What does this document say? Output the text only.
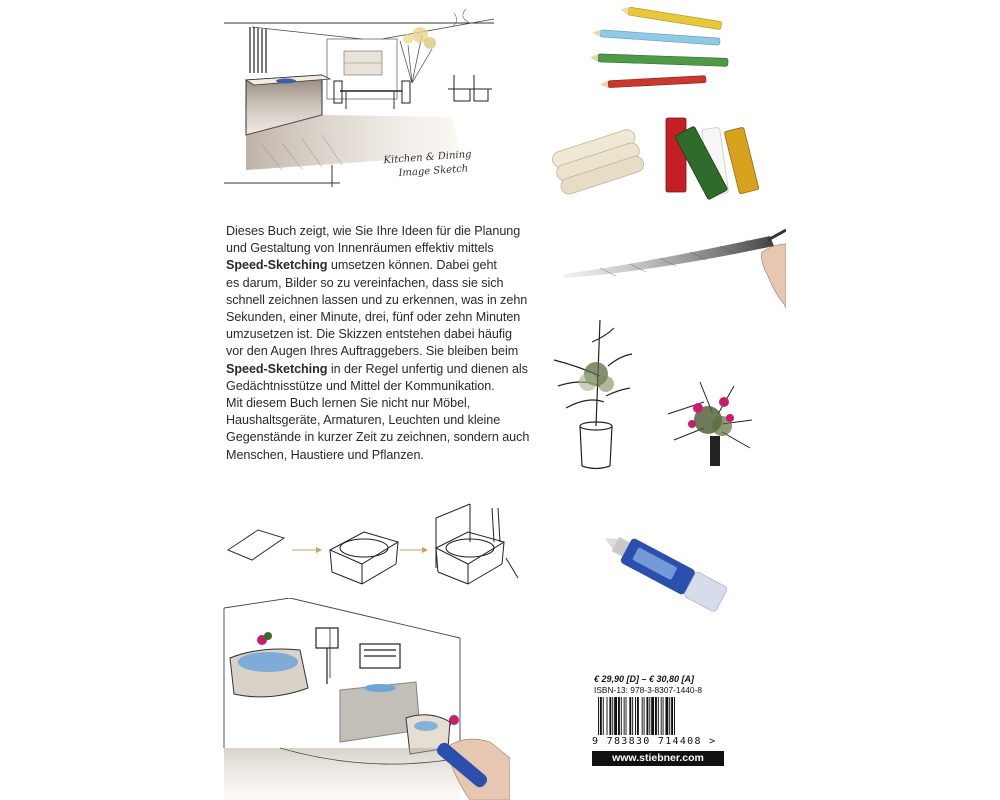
Kitchen & Dining
Image Sketch
Dieses Buch zeigt, wie Sie Ihre Ideen für die Planung
und Gestaltung von Innenräumen effektiv mittels
Speed-Sketching umsetzen können. Dabei geht
es darum, Bilder so zu vereinfachen, dass sie sich
schnell zeichnen lassen und zu erkennen, was in zehn
Sekunden, einer Minute, drei, fünf oder zehn Minuten
umzusetzen ist. Die Skizzen entstehen dabei häufig
vor den Augen Ihres Auftraggebers. Sie bleiben beim
Speed-Sketching in der Regel unfertig und dienen als
Gedächtnisstütze und Mittel der Kommunikation.
Mit diesem Buch lernen Sie nicht nur Möbel,
Haushaltsgeräte, Armaturen, Leuchten und kleine
Gegenstände in kurzer Zeit zu zeichnen, sondern auch
Menschen, Haustiere und Pflanzen.
€ 29,90 [D] – € 30,80 [A]
ISBN-13: 978-3-8307-1440-8
9 783830 714408 >
www.stiebner.com
